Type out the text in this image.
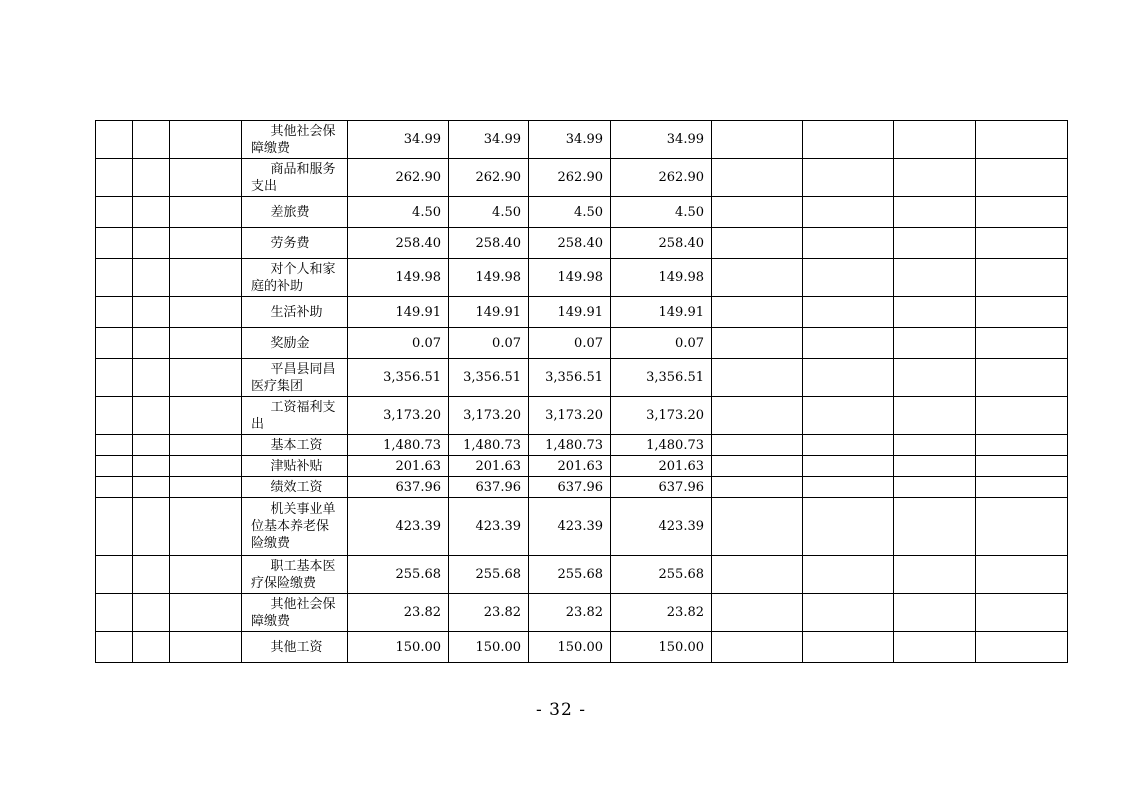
			其他社会保障缴费	34.99	34.99	34.99	34.99				

			商品和服务支出	262.90	262.90	262.90	262.90				

			差旅费	4.50	4.50	4.50	4.50				

			劳务费	258.40	258.40	258.40	258.40				

			对个人和家庭的补助	149.98	149.98	149.98	149.98				

			生活补助	149.91	149.91	149.91	149.91				

			奖励金	0.07	0.07	0.07	0.07				

			平昌县同昌医疗集团	3,356.51	3,356.51	3,356.51	3,356.51				

			工资福利支出	3,173.20	3,173.20	3,173.20	3,173.20				

			基本工资	1,480.73	1,480.73	1,480.73	1,480.73				

			津贴补贴	201.63	201.63	201.63	201.63				

			绩效工资	637.96	637.96	637.96	637.96				

			机关事业单位基本养老保险缴费	423.39	423.39	423.39	423.39				

			职工基本医疗保险缴费	255.68	255.68	255.68	255.68				

			其他社会保障缴费	23.82	23.82	23.82	23.82				

			其他工资	150.00	150.00	150.00	150.00				
- 32 -
